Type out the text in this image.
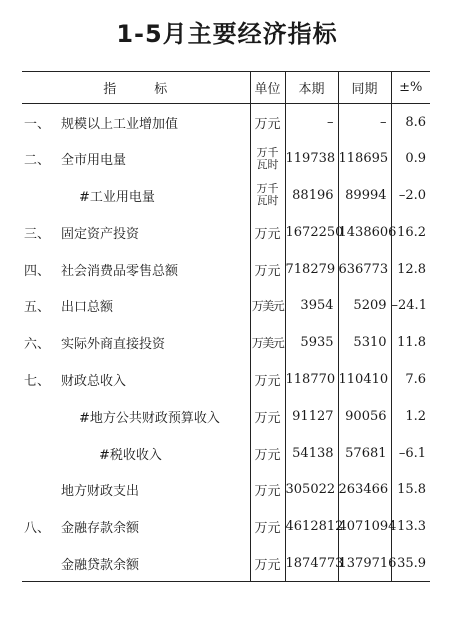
1-5月主要经济指标
指标		单位	本期	同期	±%
一、	规模以上工业增加值	万元	–	–	8.6
二、	全市用电量	万千
瓦时	119738	118695	0.9
	#工业用电量	万千
瓦时	88196	89994	–2.0
三、	固定资产投资	万元	1672250	1438606	16.2
四、	社会消费品零售总额	万元	718279	636773	12.8
五、	出口总额	万美元	3954	5209	–24.1
六、	实际外商直接投资	万美元	5935	5310	11.8
七、	财政总收入	万元	118770	110410	7.6
	#地方公共财政预算收入	万元	91127	90056	1.2
	#税收收入	万元	54138	57681	–6.1
	地方财政支出	万元	305022	263466	15.8
八、	金融存款余额	万元	4612812	4071094	13.3
	金融贷款余额	万元	1874773	1379716	35.9
